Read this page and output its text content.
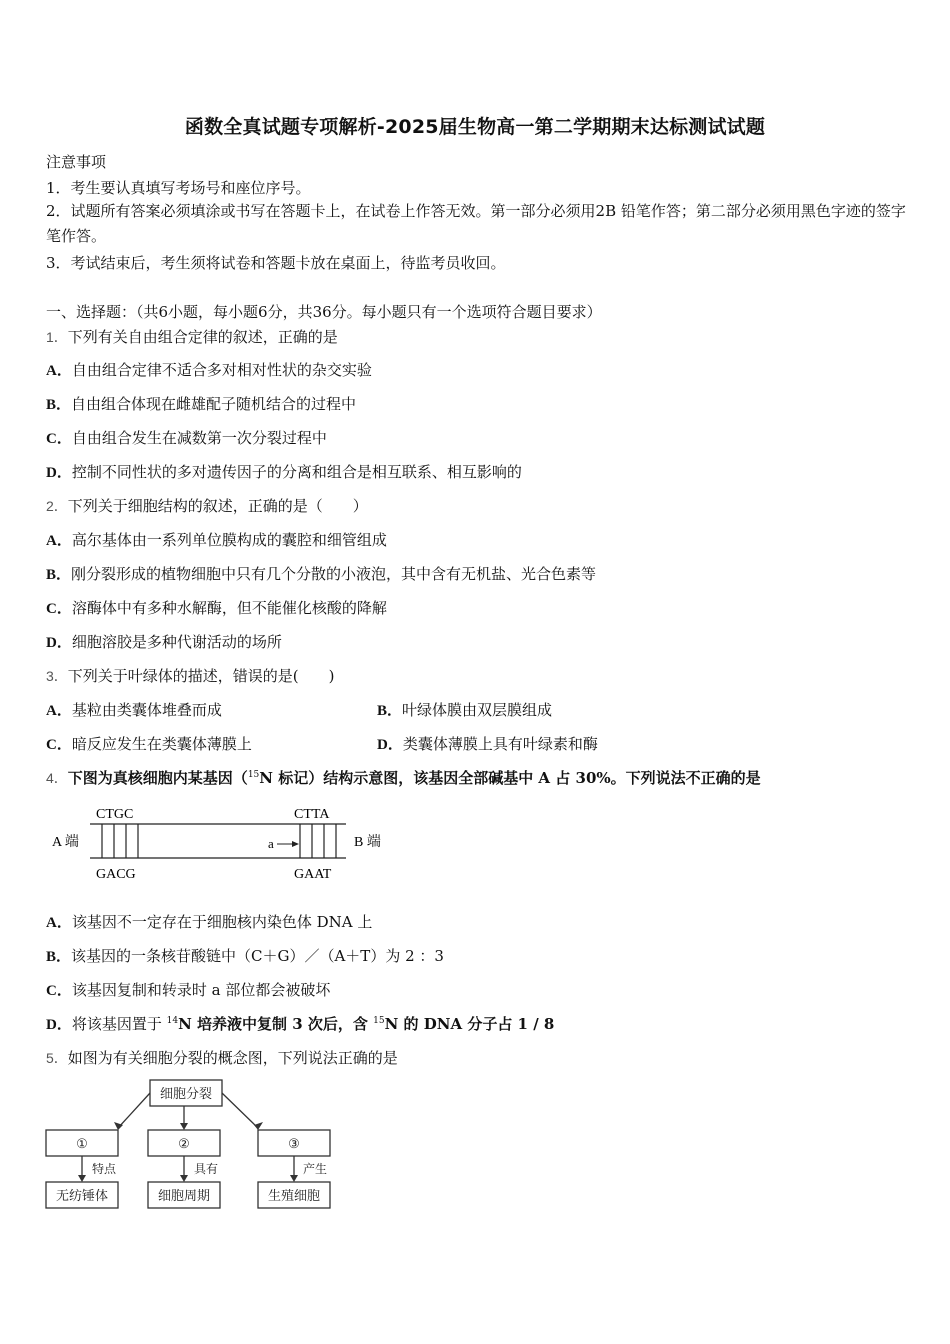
函数全真试题专项解析-2025届生物高一第二学期期末达标测试试题
注意事项
1．考生要认真填写考场号和座位序号。
2．试题所有答案必须填涂或书写在答题卡上，在试卷上作答无效。第一部分必须用2B 铅笔作答；第二部分必须用黑色字迹的签字笔作答。
3．考试结束后，考生须将试卷和答题卡放在桌面上，待监考员收回。
一、选择题：（共6小题，每小题6分，共36分。每小题只有一个选项符合题目要求）
1．下列有关自由组合定律的叙述，正确的是
A．自由组合定律不适合多对相对性状的杂交实验
B．自由组合体现在雌雄配子随机结合的过程中
C．自由组合发生在减数第一次分裂过程中
D．控制不同性状的多对遗传因子的分离和组合是相互联系、相互影响的
2．下列关于细胞结构的叙述，正确的是（　　）
A．高尔基体由一系列单位膜构成的囊腔和细管组成
B．刚分裂形成的植物细胞中只有几个分散的小液泡，其中含有无机盐、光合色素等
C．溶酶体中有多种水解酶，但不能催化核酸的降解
D．细胞溶胶是多种代谢活动的场所
3．下列关于叶绿体的描述，错误的是(　　)
A．基粒由类囊体堆叠而成	B．叶绿体膜由双层膜组成
C．暗反应发生在类囊体薄膜上	D．类囊体薄膜上具有叶绿素和酶
4．下图为真核细胞内某基因（$^{15}$N 标记）结构示意图，该基因全部碱基中 A 占 30%。下列说法不正确的是
A 端	B 端
CTGC	CTTA
GACG	GAAT
a
A．该基因不一定存在于细胞核内染色体 DNA 上
B．该基因的一条核苷酸链中（C＋G）／（A＋T）为 2 ：3
C．该基因复制和转录时 a 部位都会被破坏
D．将该基因置于 $^{14}$N 培养液中复制 3 次后，含 $^{15}$N 的 DNA 分子占 1 / 8
5．如图为有关细胞分裂的概念图，下列说法正确的是
细胞分裂
①	②	③
无纺锤体	细胞周期	生殖细胞
特点	具有	产生
